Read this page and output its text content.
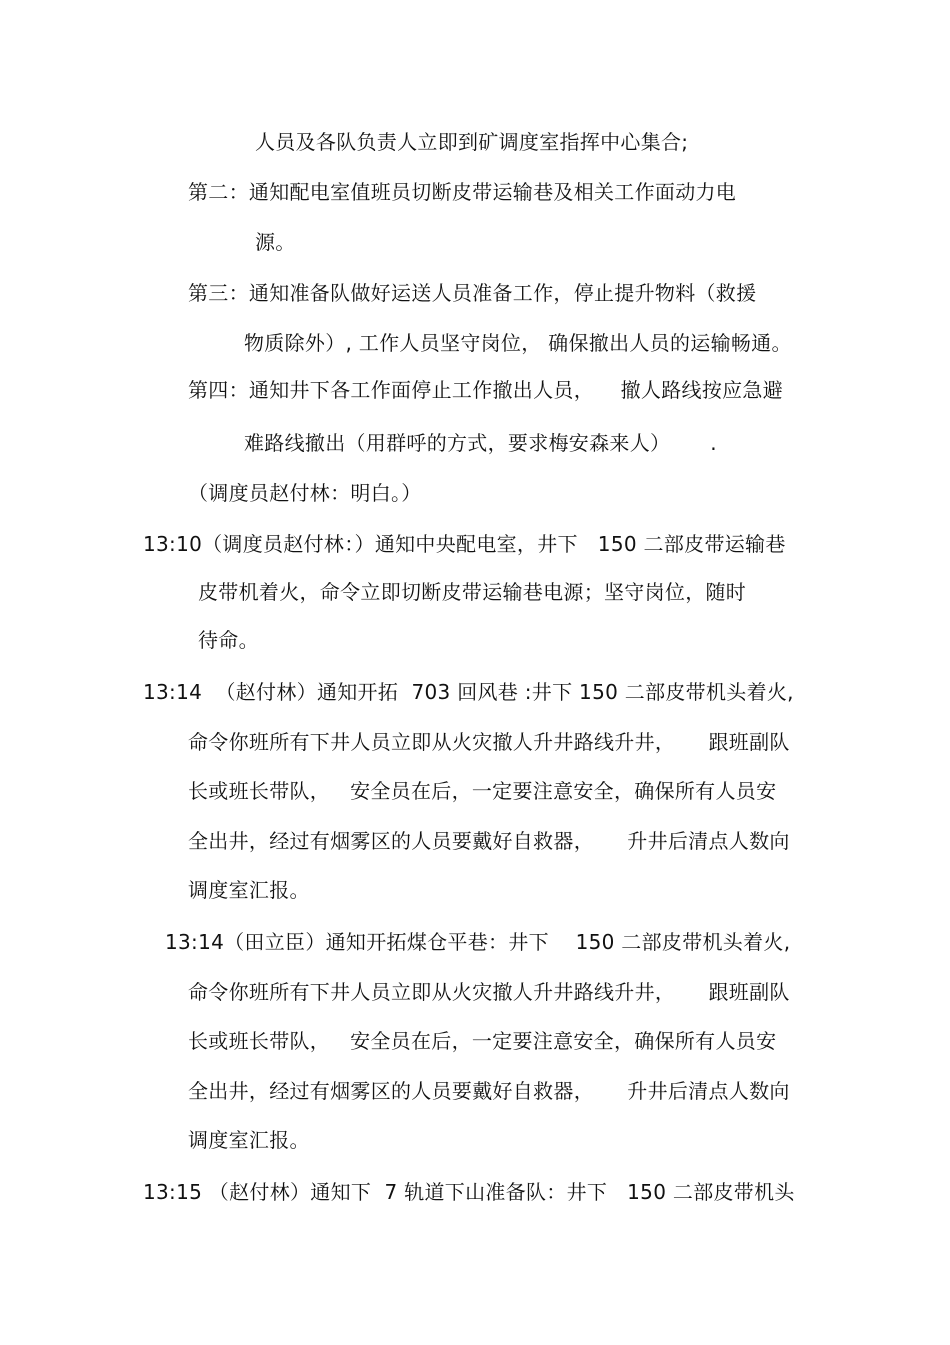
人员及各队负责人立即到矿调度室指挥中心集合;
第二：通知配电室值班员切断皮带运输巷及相关工作面动力电
源。
第三：通知准备队做好运送人员准备工作，停止提升物料（救援
物质除外）, 工作人员坚守岗位， 确保撤出人员的运输畅通。
第四：通知井下各工作面停止工作撤出人员，    撤人路线按应急避
难路线撤出（用群呼的方式，要求梅安森来人）      .
（调度员赵付林：明白。）
13:10（调度员赵付林：）通知中央配电室，井下   150 二部皮带运输巷
皮带机着火，命令立即切断皮带运输巷电源；坚守岗位，随时
待命。
13:14  （赵付林）通知开拓  703 回风巷 :井下 150 二部皮带机头着火,
命令你班所有下井人员立即从火灾撤人升井路线升井，     跟班副队
长或班长带队，   安全员在后，一定要注意安全，确保所有人员安
全出井，经过有烟雾区的人员要戴好自救器，     升井后清点人数向
调度室汇报。
13:14（田立臣）通知开拓煤仓平巷：井下    150 二部皮带机头着火,
命令你班所有下井人员立即从火灾撤人升井路线升井，     跟班副队
长或班长带队，   安全员在后，一定要注意安全，确保所有人员安
全出井，经过有烟雾区的人员要戴好自救器，     升井后清点人数向
调度室汇报。
13:15 （赵付林）通知下  7 轨道下山准备队：井下   150 二部皮带机头
